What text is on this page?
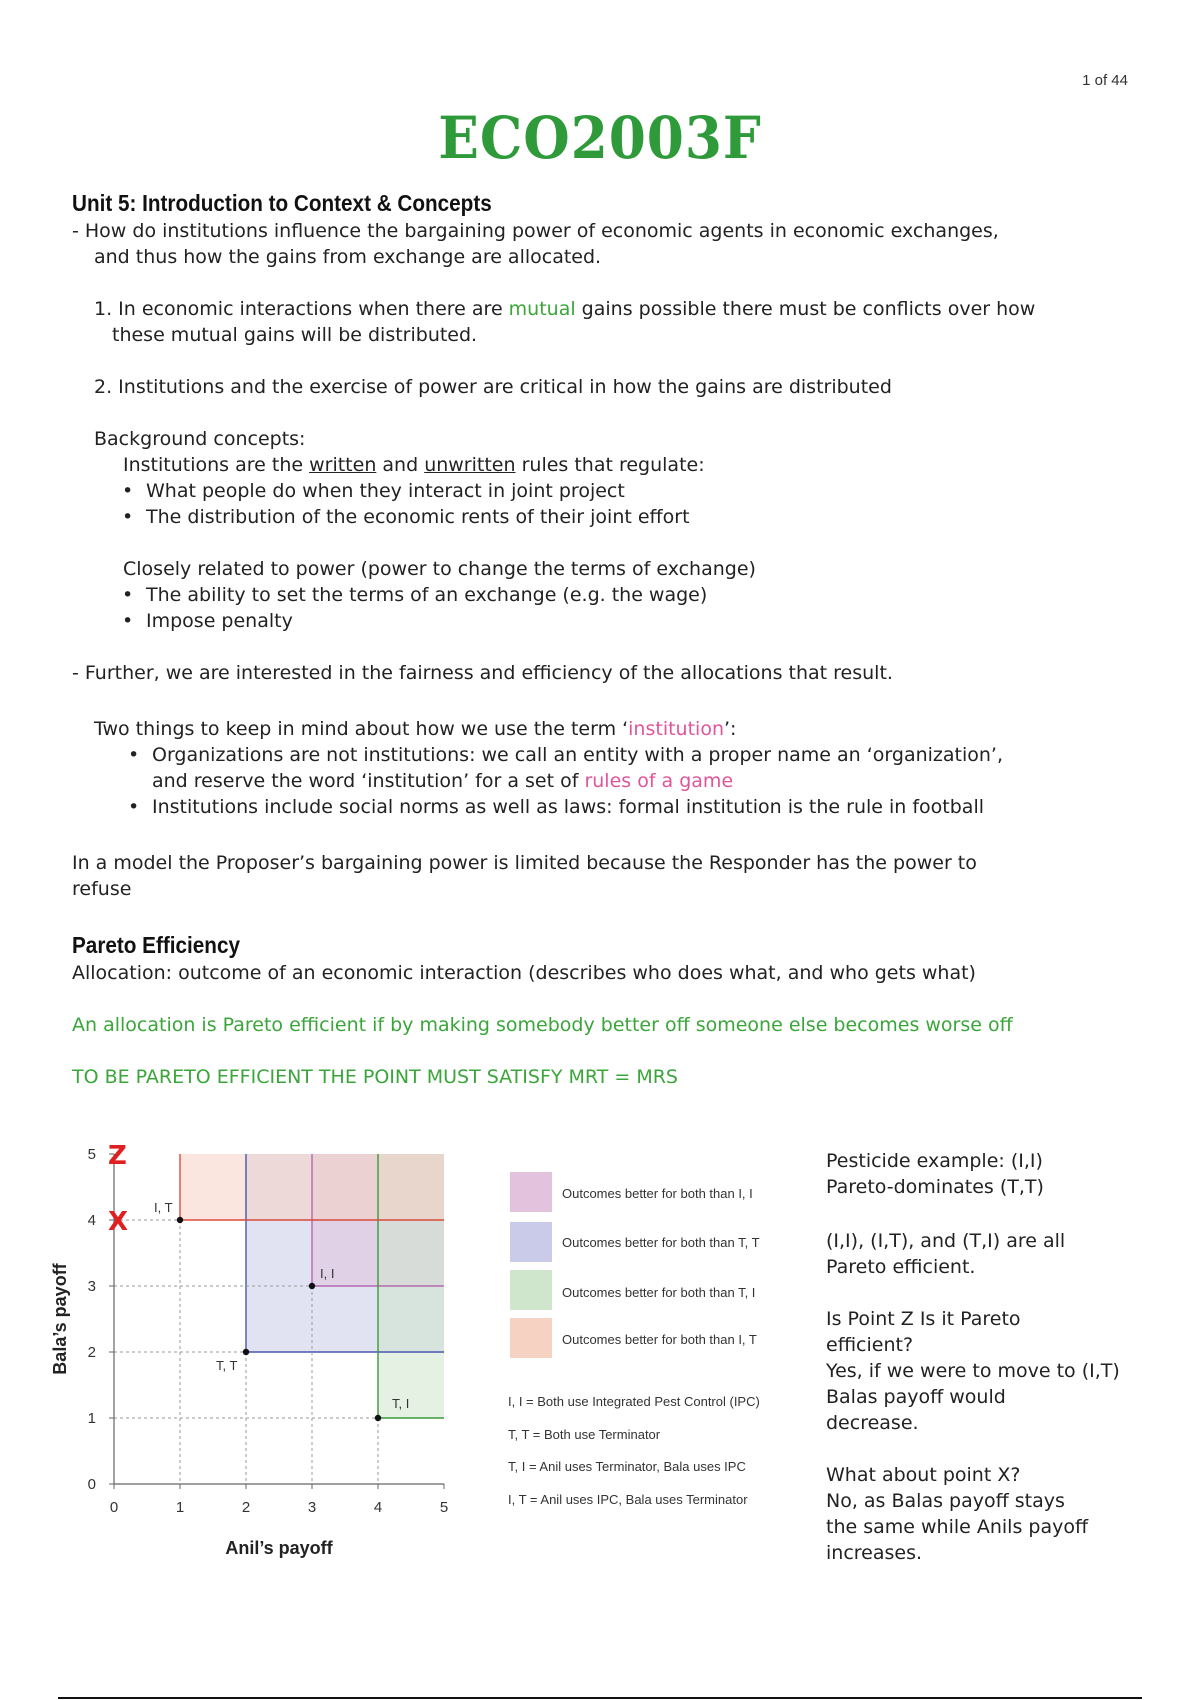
1 of 44
ECO2003F
Unit 5: Introduction to Context & Concepts
- How do institutions influence the bargaining power of economic agents in economic exchanges,
and thus how the gains from exchange are allocated.
1. In economic interactions when there are mutual gains possible there must be conflicts over how
these mutual gains will be distributed.
2. Institutions and the exercise of power are critical in how the gains are distributed
Background concepts:
Institutions are the written and unwritten rules that regulate:
• What people do when they interact in joint project
• The distribution of the economic rents of their joint effort
Closely related to power (power to change the terms of exchange)
• The ability to set the terms of an exchange (e.g. the wage)
• Impose penalty
- Further, we are interested in the fairness and efficiency of the allocations that result.
Two things to keep in mind about how we use the term ‘institution’:
• Organizations are not institutions: we call an entity with a proper name an ‘organization’,
and reserve the word ‘institution’ for a set of rules of a game
• Institutions include social norms as well as laws: formal institution is the rule in football
In a model the Proposer’s bargaining power is limited because the Responder has the power to
refuse
Pareto Efficiency
Allocation: outcome of an economic interaction (describes who does what, and who gets what)
An allocation is Pareto efficient if by making somebody better off someone else becomes worse off
TO BE PARETO EFFICIENT THE POINT MUST SATISFY MRT = MRS
0	1	2	3	4	5
0
1
2
3
4
5
I, T
I, I
T, T
T, I
Z
X
Anil’s payoff
Bala’s payoff
Outcomes better for both than I, I
Outcomes better for both than T, T
Outcomes better for both than T, I
Outcomes better for both than I, T
I, I = Both use Integrated Pest Control (IPC)
T, T = Both use Terminator
T, I = Anil uses Terminator, Bala uses IPC
I, T = Anil uses IPC, Bala uses Terminator
Pesticide example: (I,I)
Pareto-dominates (T,T)
(I,I), (I,T), and (T,I) are all
Pareto efficient.
Is Point Z Is it Pareto
efficient?
Yes, if we were to move to (I,T)
Balas payoff would
decrease.
What about point X?
No, as Balas payoff stays
the same while Anils payoff
increases.
